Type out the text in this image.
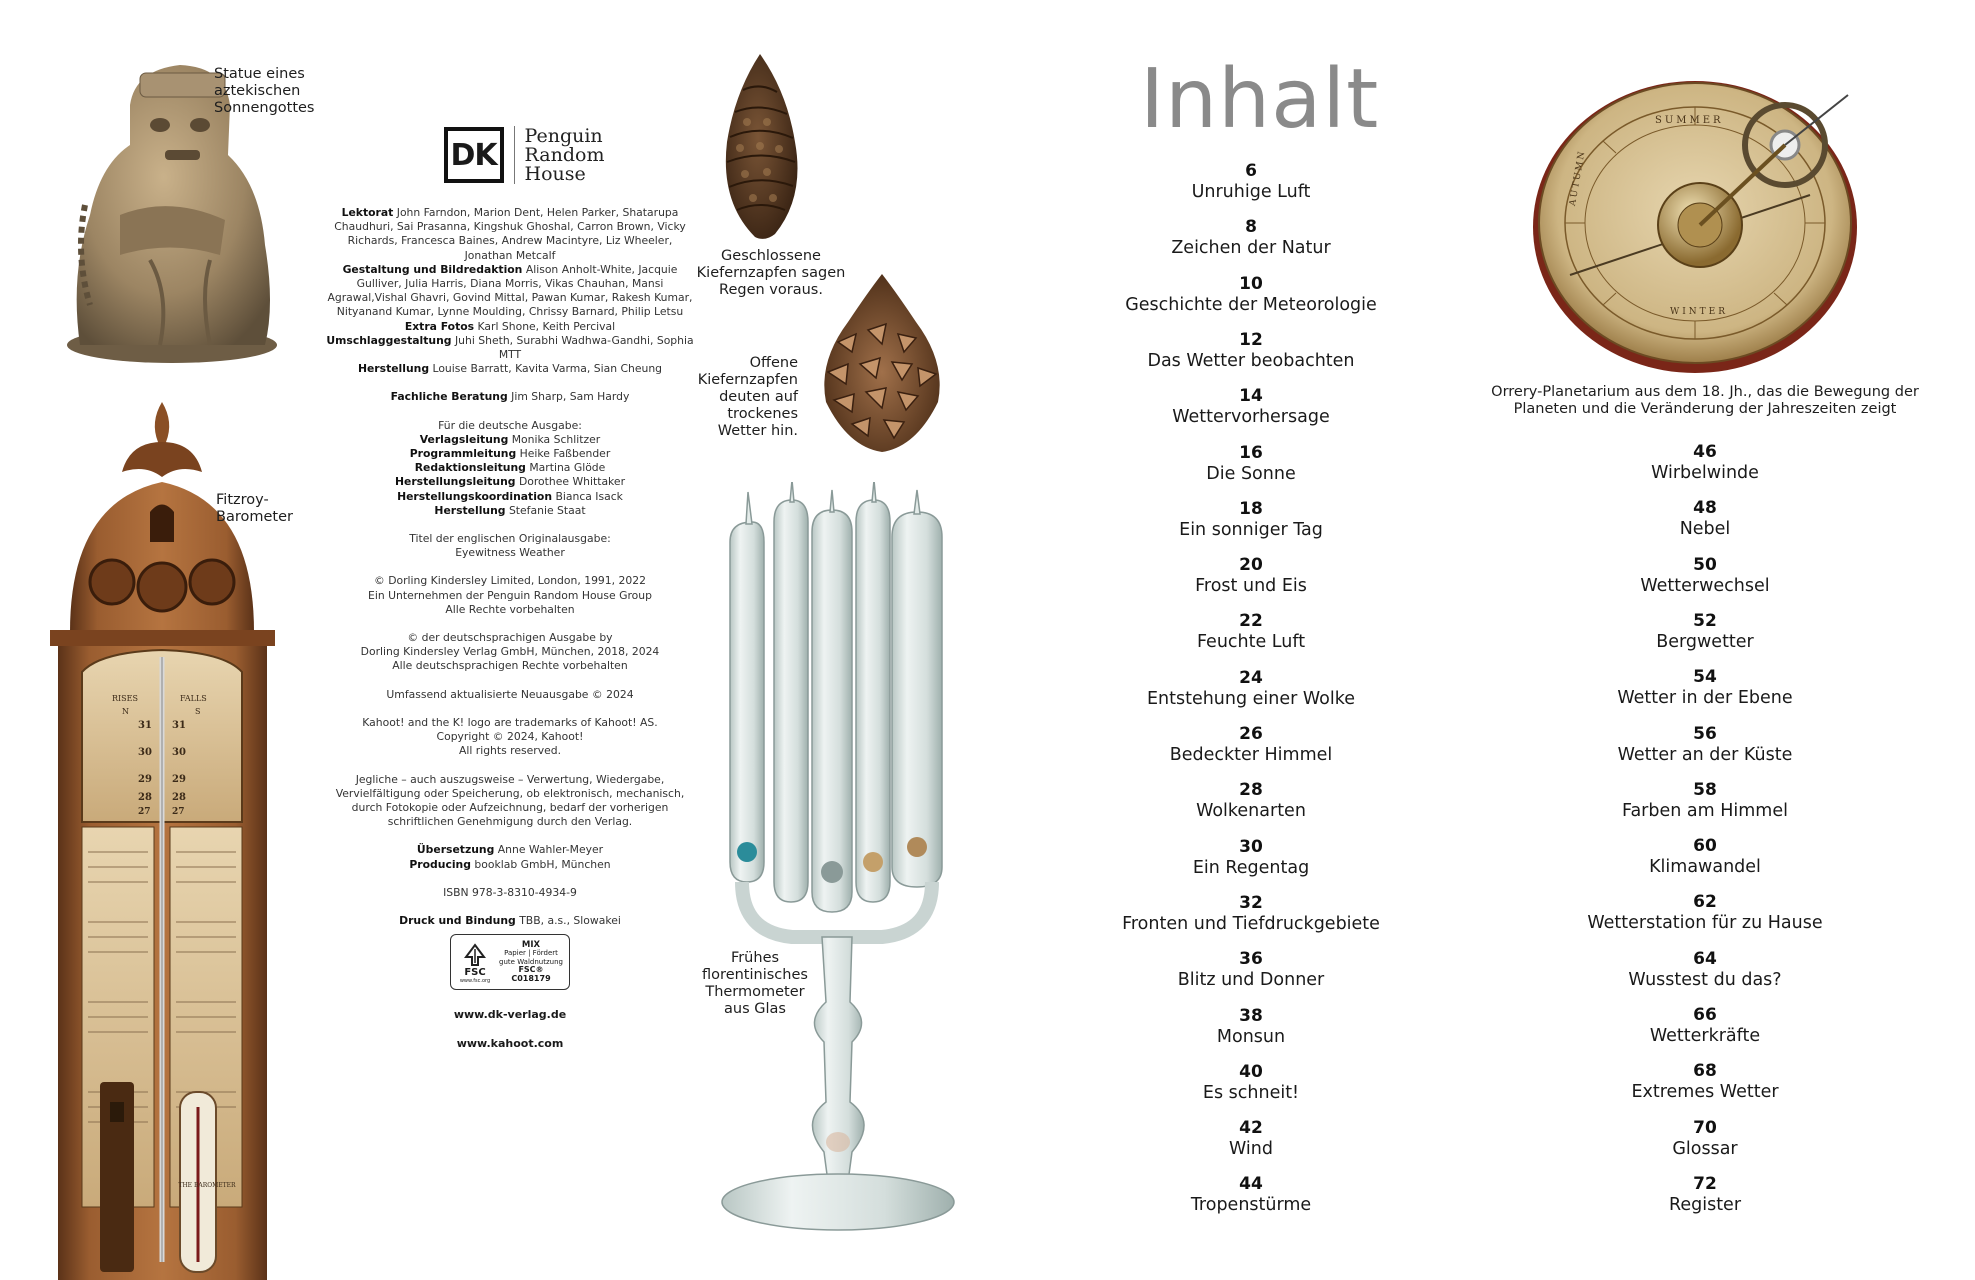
Statue eines aztekischen Sonnengottes
RISES	FALLS
N	S
31 31
30 30
29 29
28 28
27 27
THE BAROMETER
Fitzroy-Barometer
DK
Penguin
Random
House
Lektorat John Farndon, Marion Dent, Helen Parker, Shatarupa Chaudhuri, Sai Prasanna, Kingshuk Ghoshal, Carron Brown, Vicky Richards, Francesca Baines, Andrew Macintyre, Liz Wheeler, Jonathan Metcalf
Gestaltung und Bildredaktion Alison Anholt-White, Jacquie Gulliver, Julia Harris, Diana Morris, Vikas Chauhan, Mansi Agrawal,Vishal Ghavri, Govind Mittal, Pawan Kumar, Rakesh Kumar, Nityanand Kumar, Lynne Moulding, Chrissy Barnard, Philip Letsu
Extra Fotos Karl Shone, Keith Percival
Umschlaggestaltung Juhi Sheth, Surabhi Wadhwa-Gandhi, Sophia MTT
Herstellung Louise Barratt, Kavita Varma, Sian Cheung
Fachliche Beratung Jim Sharp, Sam Hardy
Für die deutsche Ausgabe:
Verlagsleitung Monika Schlitzer
Programmleitung Heike Faßbender
Redaktionsleitung Martina Glöde
Herstellungsleitung Dorothee Whittaker
Herstellungskoordination Bianca Isack
Herstellung Stefanie Staat
Titel der englischen Originalausgabe:
Eyewitness Weather
© Dorling Kindersley Limited, London, 1991, 2022
Ein Unternehmen der Penguin Random House Group
Alle Rechte vorbehalten
© der deutschsprachigen Ausgabe by
Dorling Kindersley Verlag GmbH, München, 2018, 2024
Alle deutschsprachigen Rechte vorbehalten
Umfassend aktualisierte Neuausgabe © 2024
Kahoot! and the K! logo are trademarks of Kahoot! AS.
Copyright © 2024, Kahoot!
All rights reserved.
Jegliche – auch auszugsweise – Verwertung, Wiedergabe,
Vervielfältigung oder Speicherung, ob elektronisch, mechanisch,
durch Fotokopie oder Aufzeichnung, bedarf der vorherigen
schriftlichen Genehmigung durch den Verlag.
Übersetzung Anne Wahler-Meyer
Producing booklab GmbH, München
ISBN 978-3-8310-4934-9
Druck und Bindung TBB, a.s., Slowakei
FSC
www.fsc.org
MIX
Papier | Fördert
gute Waldnutzung
FSC® C018179
www.dk-verlag.de
www.kahoot.com
Geschlossene Kiefernzapfen sagen Regen voraus.
Offene Kiefernzapfen deuten auf trockenes Wetter hin.
Frühes florentinisches Thermometer aus Glas
Inhalt
6
Unruhige Luft
8
Zeichen der Natur
10
Geschichte der Meteorologie
12
Das Wetter beobachten
14
Wettervorhersage
16
Die Sonne
18
Ein sonniger Tag
20
Frost und Eis
22
Feuchte Luft
24
Entstehung einer Wolke
26
Bedeckter Himmel
28
Wolkenarten
30
Ein Regentag
32
Fronten und Tiefdruckgebiete
36
Blitz und Donner
38
Monsun
40
Es schneit!
42
Wind
44
Tropenstürme
46
Wirbelwinde
48
Nebel
50
Wetterwechsel
52
Bergwetter
54
Wetter in der Ebene
56
Wetter an der Küste
58
Farben am Himmel
60
Klimawandel
62
Wetterstation für zu Hause
64
Wusstest du das?
66
Wetterkräfte
68
Extremes Wetter
70
Glossar
72
Register
SUMMER
AUTUMN
WINTER
Orrery-Planetarium aus dem 18. Jh., das die Bewegung der Planeten und die Veränderung der Jahreszeiten zeigt
